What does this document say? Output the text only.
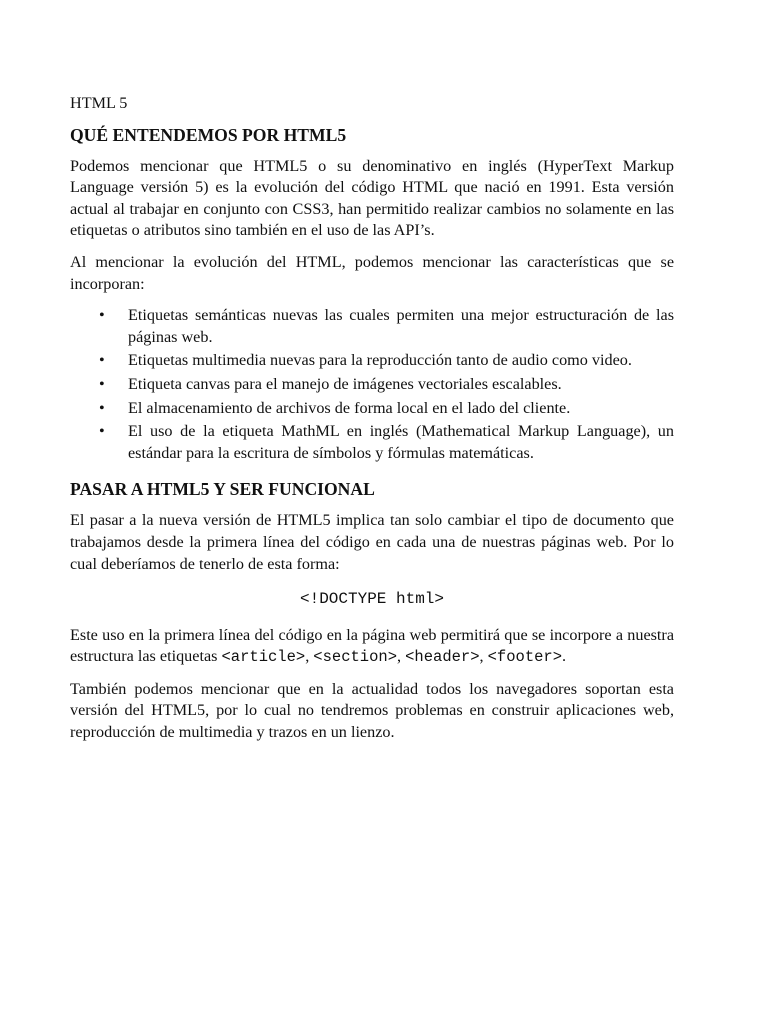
HTML 5
QUÉ ENTENDEMOS POR HTML5

Podemos mencionar que HTML5 o su denominativo en inglés (HyperText Markup Language versión 5) es la evolución del código HTML que nació en 1991. Esta versión actual al trabajar en conjunto con CSS3, han permitido realizar cambios no solamente en las etiquetas o atributos sino también en el uso de las API’s.

Al mencionar la evolución del HTML, podemos mencionar las características que se incorporan:

• Etiquetas semánticas nuevas las cuales permiten una mejor estructuración de las páginas web.
• Etiquetas multimedia nuevas para la reproducción tanto de audio como video.
• Etiqueta canvas para el manejo de imágenes vectoriales escalables.
• El almacenamiento de archivos de forma local en el lado del cliente.
• El uso de la etiqueta MathML en inglés (Mathematical Markup Language), un estándar para la escritura de símbolos y fórmulas matemáticas.
PASAR A HTML5 Y SER FUNCIONAL

El pasar a la nueva versión de HTML5 implica tan solo cambiar el tipo de documento que trabajamos desde la primera línea del código en cada una de nuestras páginas web. Por lo cual deberíamos de tenerlo de esta forma:

<!DOCTYPE html>

Este uso en la primera línea del código en la página web permitirá que se incorpore a nuestra estructura las etiquetas <article>, <section>, <header>, <footer>.

También podemos mencionar que en la actualidad todos los navegadores soportan esta versión del HTML5, por lo cual no tendremos problemas en construir aplicaciones web, reproducción de multimedia y trazos en un lienzo.
